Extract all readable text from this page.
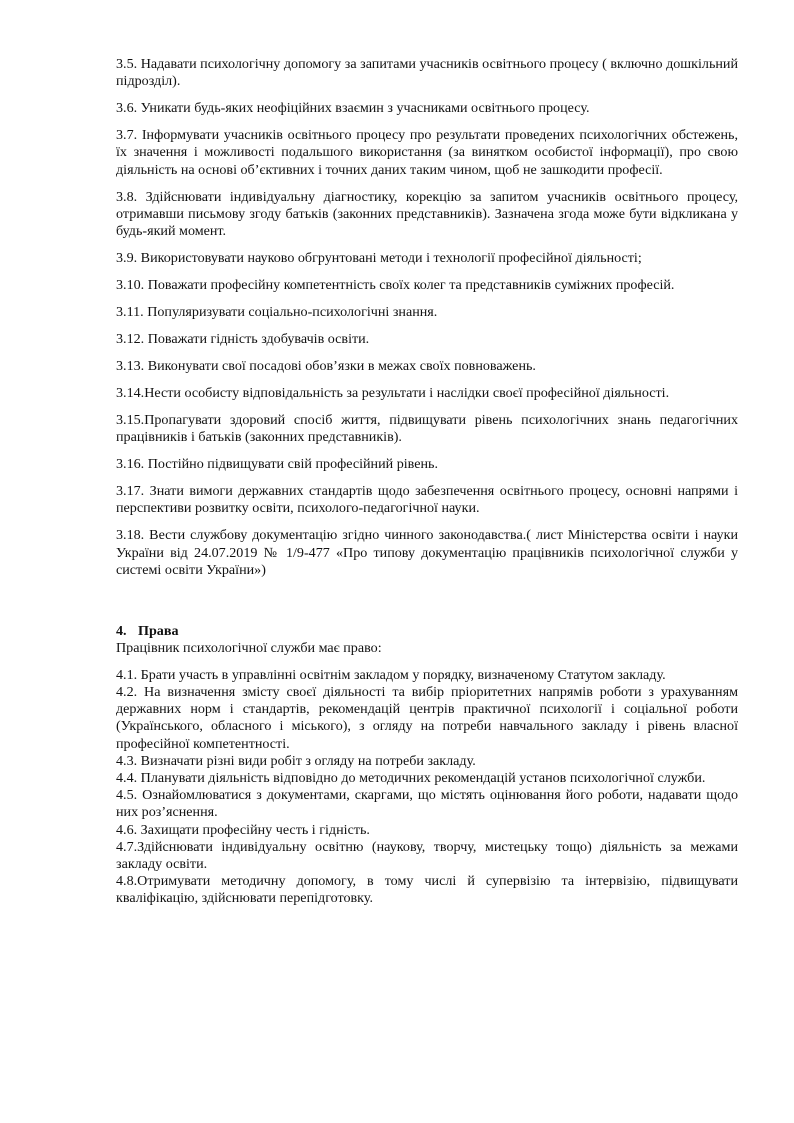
3.5. Надавати психологічну допомогу за запитами учасників освітнього процесу ( включно дошкільний підрозділ).

3.6. Уникати будь-яких неофіційних взаємин з учасниками освітнього процесу.

3.7. Інформувати учасників освітнього процесу про результати проведених психологічних обстежень, їх значення і можливості подальшого використання (за винятком особистої інформації), про свою діяльність на основі об’єктивних і точних даних таким чином, щоб не зашкодити професії.

3.8. Здійснювати індивідуальну діагностику, корекцію за запитом учасників освітнього процесу, отримавши письмову згоду батьків (законних представників). Зазначена згода може бути відкликана у будь-який момент.

3.9. Використовувати науково обгрунтовані методи і технології професійної діяльності;

3.10. Поважати професійну компетентність своїх колег та представників суміжних професій.

3.11. Популяризувати соціально-психологічні знання.

3.12. Поважати гідність здобувачів освіти.

3.13. Виконувати свої посадові обов’язки в межах своїх повноважень.

3.14.Нести особисту відповідальність за результати і наслідки своєї професійної діяльності.

3.15.Пропагувати здоровий спосіб життя, підвищувати рівень психологічних знань педагогічних працівників і батьків (законних представників).

3.16. Постійно підвищувати свій професійний рівень.

3.17. Знати вимоги державних стандартів щодо забезпечення освітнього процесу, основні напрями і перспективи розвитку освіти, психолого-педагогічної науки.

3.18. Вести службову документацію згідно чинного законодавства.( лист Міністерства освіти і науки України від 24.07.2019 № 1/9-477 «Про типову документацію працівників психологічної служби у системі освіти України»)

4. Права

Працівник психологічної служби має право:

4.1. Брати участь в управлінні освітнім закладом у порядку, визначеному Статутом закладу.

4.2. На визначення змісту своєї діяльності та вибір пріоритетних напрямів роботи з урахуванням державних норм і стандартів, рекомендацій центрів практичної психології і соціальної роботи (Українського, обласного і міського), з огляду на потреби навчального закладу і рівень власної професійної компетентності.

4.3. Визначати різні види робіт з огляду на потреби закладу.

4.4. Планувати діяльність відповідно до методичних рекомендацій установ психологічної служби.

4.5. Ознайомлюватися з документами, скаргами, що містять оцінювання його роботи, надавати щодо них роз’яснення.

4.6. Захищати професійну честь і гідність.

4.7.Здійснювати індивідуальну освітню (наукову, творчу, мистецьку тощо) діяльність за межами закладу освіти.

4.8.Отримувати методичну допомогу, в тому числі й супервізію та інтервізію, підвищувати кваліфікацію, здійснювати перепідготовку.
